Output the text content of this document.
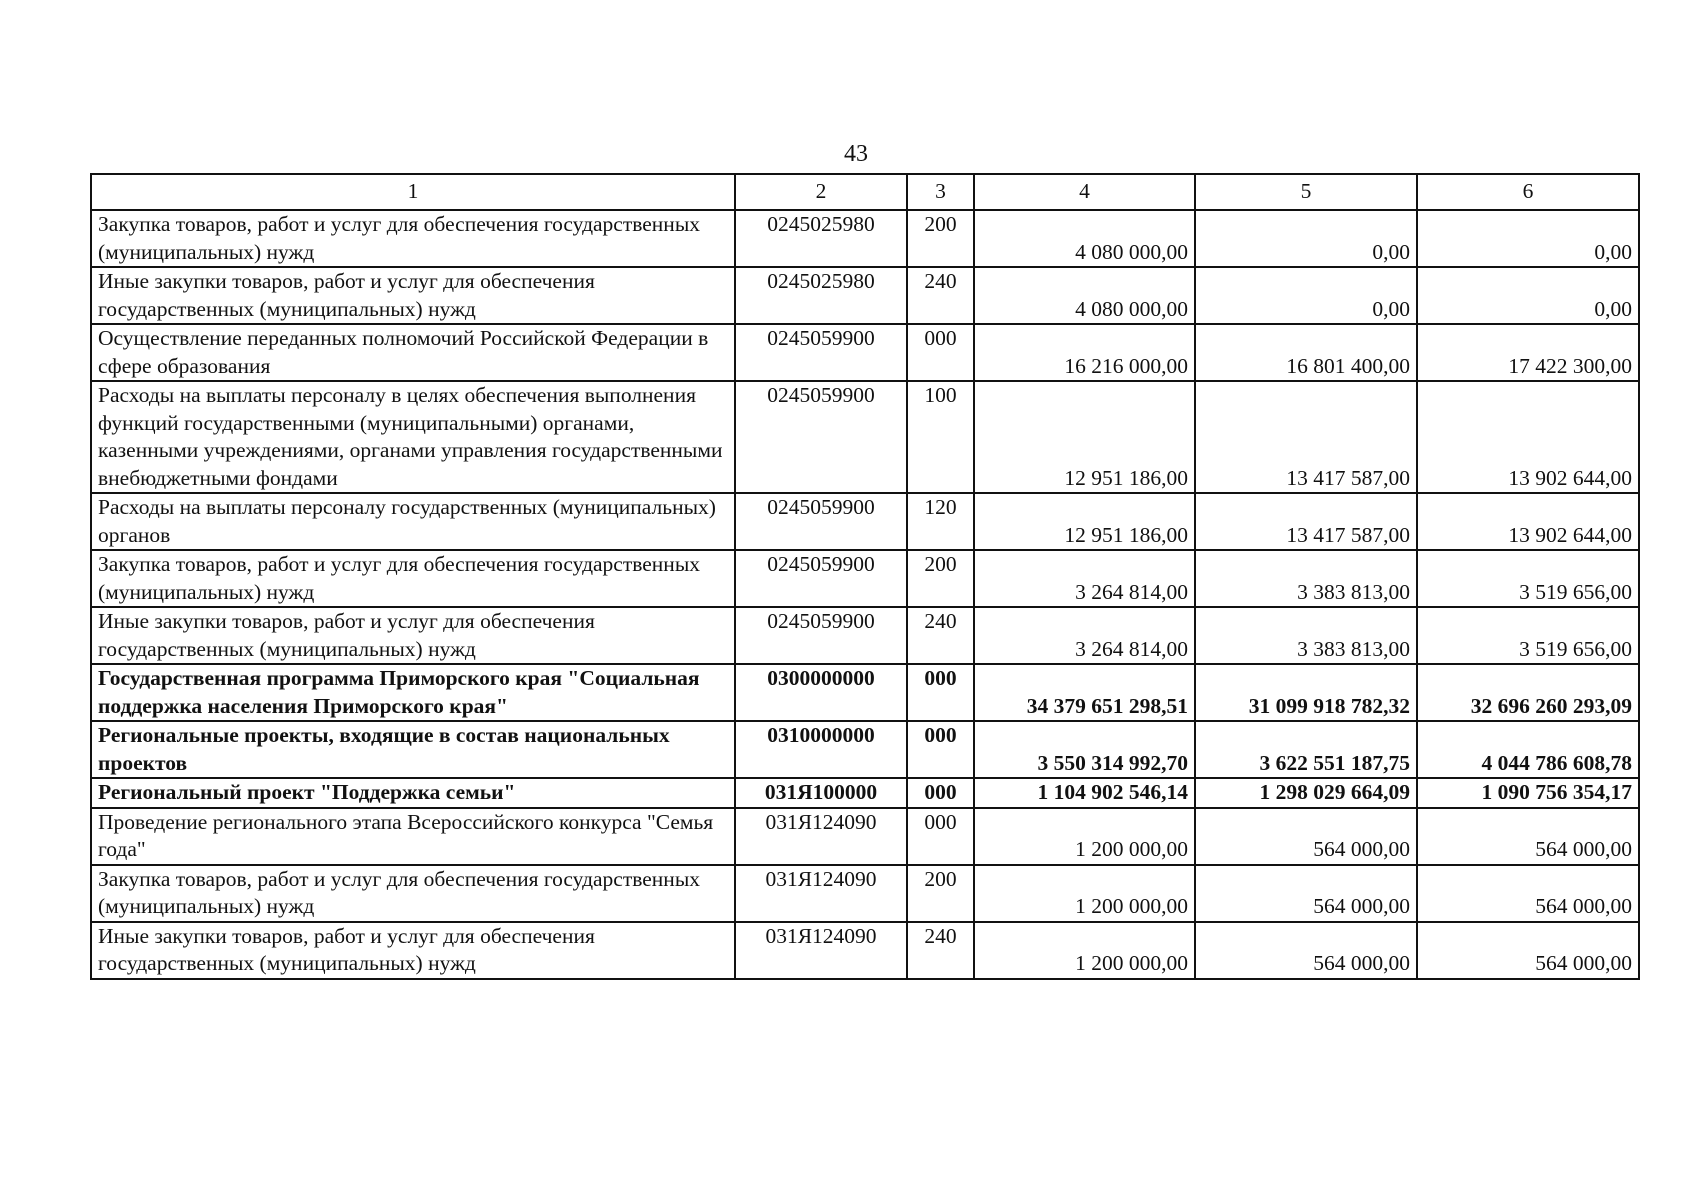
43
1	2	3	4	5	6
Закупка товаров, работ и услуг для обеспечения государственных (муниципальных) нужд	0245025980	200	4 080 000,00	0,00	0,00
Иные закупки товаров, работ и услуг для обеспечения государственных (муниципальных) нужд	0245025980	240	4 080 000,00	0,00	0,00
Осуществление переданных полномочий Российской Федерации в сфере образования	0245059900	000	16 216 000,00	16 801 400,00	17 422 300,00
Расходы на выплаты персоналу в целях обеспечения выполнения функций государственными (муниципальными) органами, казенными учреждениями, органами управления государственными внебюджетными фондами	0245059900	100	12 951 186,00	13 417 587,00	13 902 644,00
Расходы на выплаты персоналу государственных (муниципальных) органов	0245059900	120	12 951 186,00	13 417 587,00	13 902 644,00
Закупка товаров, работ и услуг для обеспечения государственных (муниципальных) нужд	0245059900	200	3 264 814,00	3 383 813,00	3 519 656,00
Иные закупки товаров, работ и услуг для обеспечения государственных (муниципальных) нужд	0245059900	240	3 264 814,00	3 383 813,00	3 519 656,00
Государственная программа Приморского края "Социальная поддержка населения Приморского края"	0300000000	000	34 379 651 298,51	31 099 918 782,32	32 696 260 293,09
Региональные проекты, входящие в состав национальных проектов	0310000000	000	3 550 314 992,70	3 622 551 187,75	4 044 786 608,78
Региональный проект "Поддержка семьи"	031Я100000	000	1 104 902 546,14	1 298 029 664,09	1 090 756 354,17
Проведение регионального этапа Всероссийского конкурса "Семья года"	031Я124090	000	1 200 000,00	564 000,00	564 000,00
Закупка товаров, работ и услуг для обеспечения государственных (муниципальных) нужд	031Я124090	200	1 200 000,00	564 000,00	564 000,00
Иные закупки товаров, работ и услуг для обеспечения государственных (муниципальных) нужд	031Я124090	240	1 200 000,00	564 000,00	564 000,00
